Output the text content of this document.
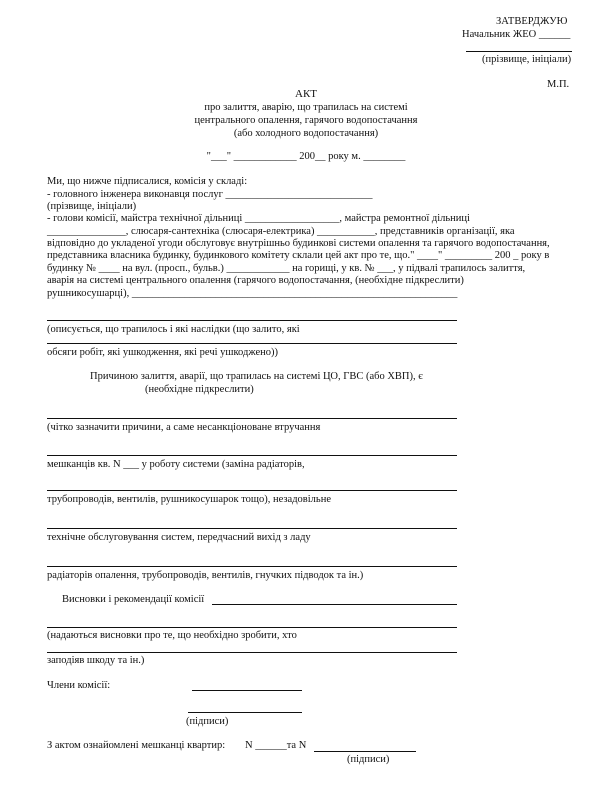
ЗАТВЕРДЖУЮ
Начальник ЖЕО ______
(прізвище, ініціали)
М.П.
АКТ
про залиття, аварію, що трапилась на системі
центрального опалення, гарячого водопостачання
(або холодного водопостачання)
"___" ____________ 200__ року м. ________
Ми, що нижче підписалися, комісія у складі:
- головного інженера виконавця послуг ____________________________
(прізвище, ініціали)
- голови комісії, майстра технічної дільниці __________________, майстра ремонтної дільниці
_______________, слюсаря-сантехніка (слюсаря-електрика) ___________, представників організації, яка
відповідно до укладеної угоди обслуговує внутрішньо будинкові системи опалення та гарячого водопостачання,
представника власника будинку, будинкового комітету склали цей акт про те, що." ____" _________ 200 _ року в
будинку № ____ на вул. (просп., бульв.) ____________ на горищі, у кв. № ___, у підвалі трапилось залиття,
аварія на системі центрального опалення (гарячого водопостачання, (необхідне підкреслити)
рушникосушарці), ______________________________________________________________
(описується, що трапилось і які наслідки (що залито, які
обсяги робіт, які ушкодження, які речі ушкоджено))
Причиною залиття, аварії, що трапилась на системі ЦО, ГВС (або ХВП), є
(необхідне підкреслити)
(чітко зазначити причини, а саме несанкціоноване втручання
мешканців кв. N ___ у роботу системи (заміна радіаторів,
трубопроводів, вентилів, рушникосушарок тощо), незадовільне
технічне обслуговування систем, передчасний вихід з ладу
радіаторів опалення, трубопроводів, вентилів, гнучких підводок та ін.)
Висновки і рекомендації комісії
(надаються висновки про те, що необхідно зробити, хто
заподіяв шкоду та ін.)
Члени комісії:
(підписи)
З актом ознайомлені мешканці квартир: N ______та N
(підписи)
